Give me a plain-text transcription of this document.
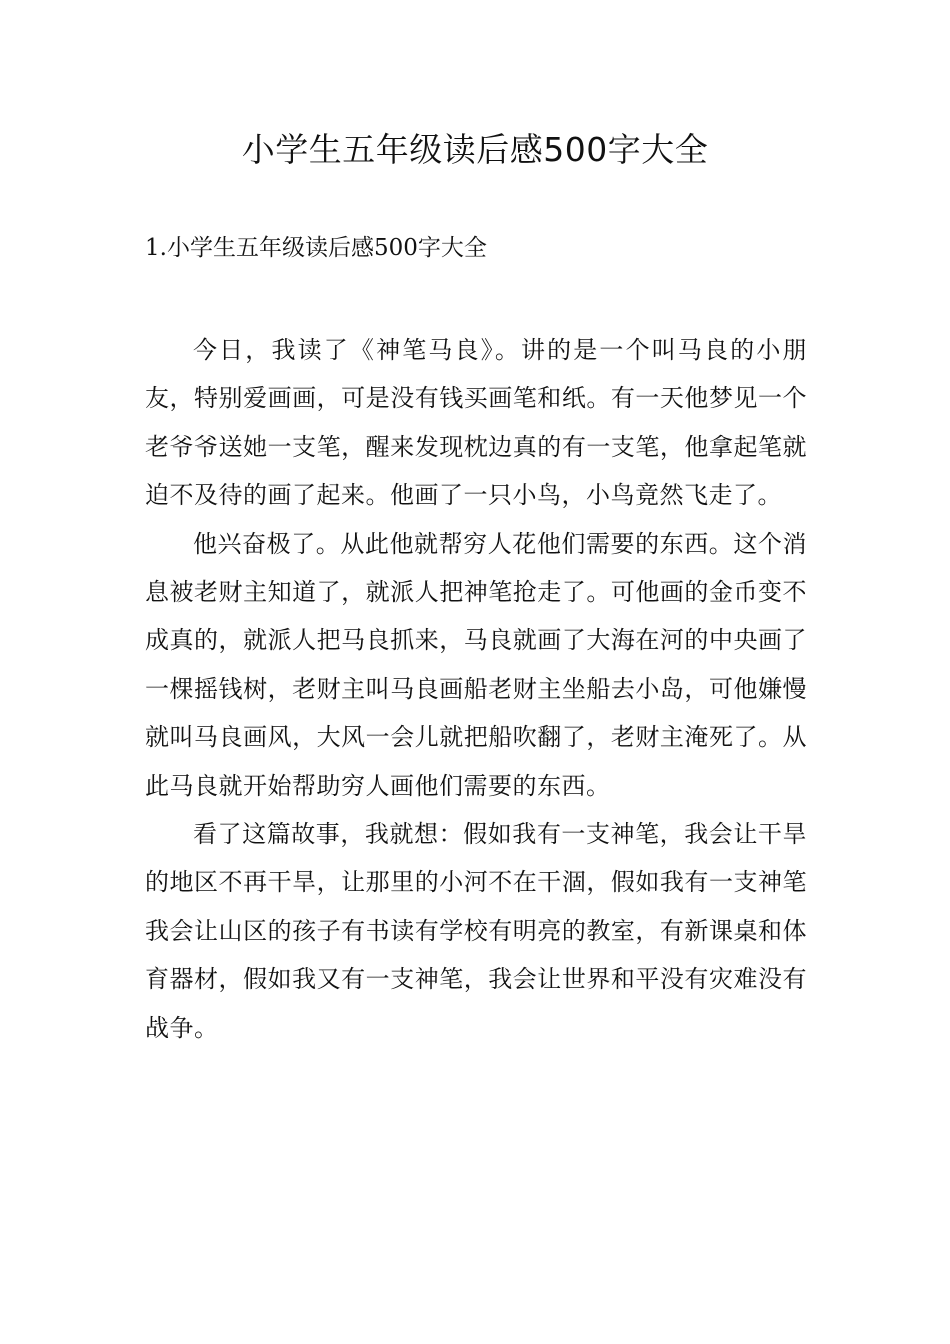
小学生五年级读后感500字大全
1.小学生五年级读后感500字大全

今日，我读了《神笔马良》。讲的是一个叫马良的小朋友，特别爱画画，可是没有钱买画笔和纸。有一天他梦见一个老爷爷送她一支笔，醒来发现枕边真的有一支笔，他拿起笔就迫不及待的画了起来。他画了一只小鸟，小鸟竟然飞走了。

他兴奋极了。从此他就帮穷人花他们需要的东西。这个消息被老财主知道了，就派人把神笔抢走了。可他画的金币变不成真的，就派人把马良抓来，马良就画了大海在河的中央画了一棵摇钱树，老财主叫马良画船老财主坐船去小岛，可他嫌慢就叫马良画风，大风一会儿就把船吹翻了，老财主淹死了。从此马良就开始帮助穷人画他们需要的东西。

看了这篇故事，我就想：假如我有一支神笔，我会让干旱的地区不再干旱，让那里的小河不在干涸，假如我有一支神笔我会让山区的孩子有书读有学校有明亮的教室，有新课桌和体育器材，假如我又有一支神笔，我会让世界和平没有灾难没有战争。
